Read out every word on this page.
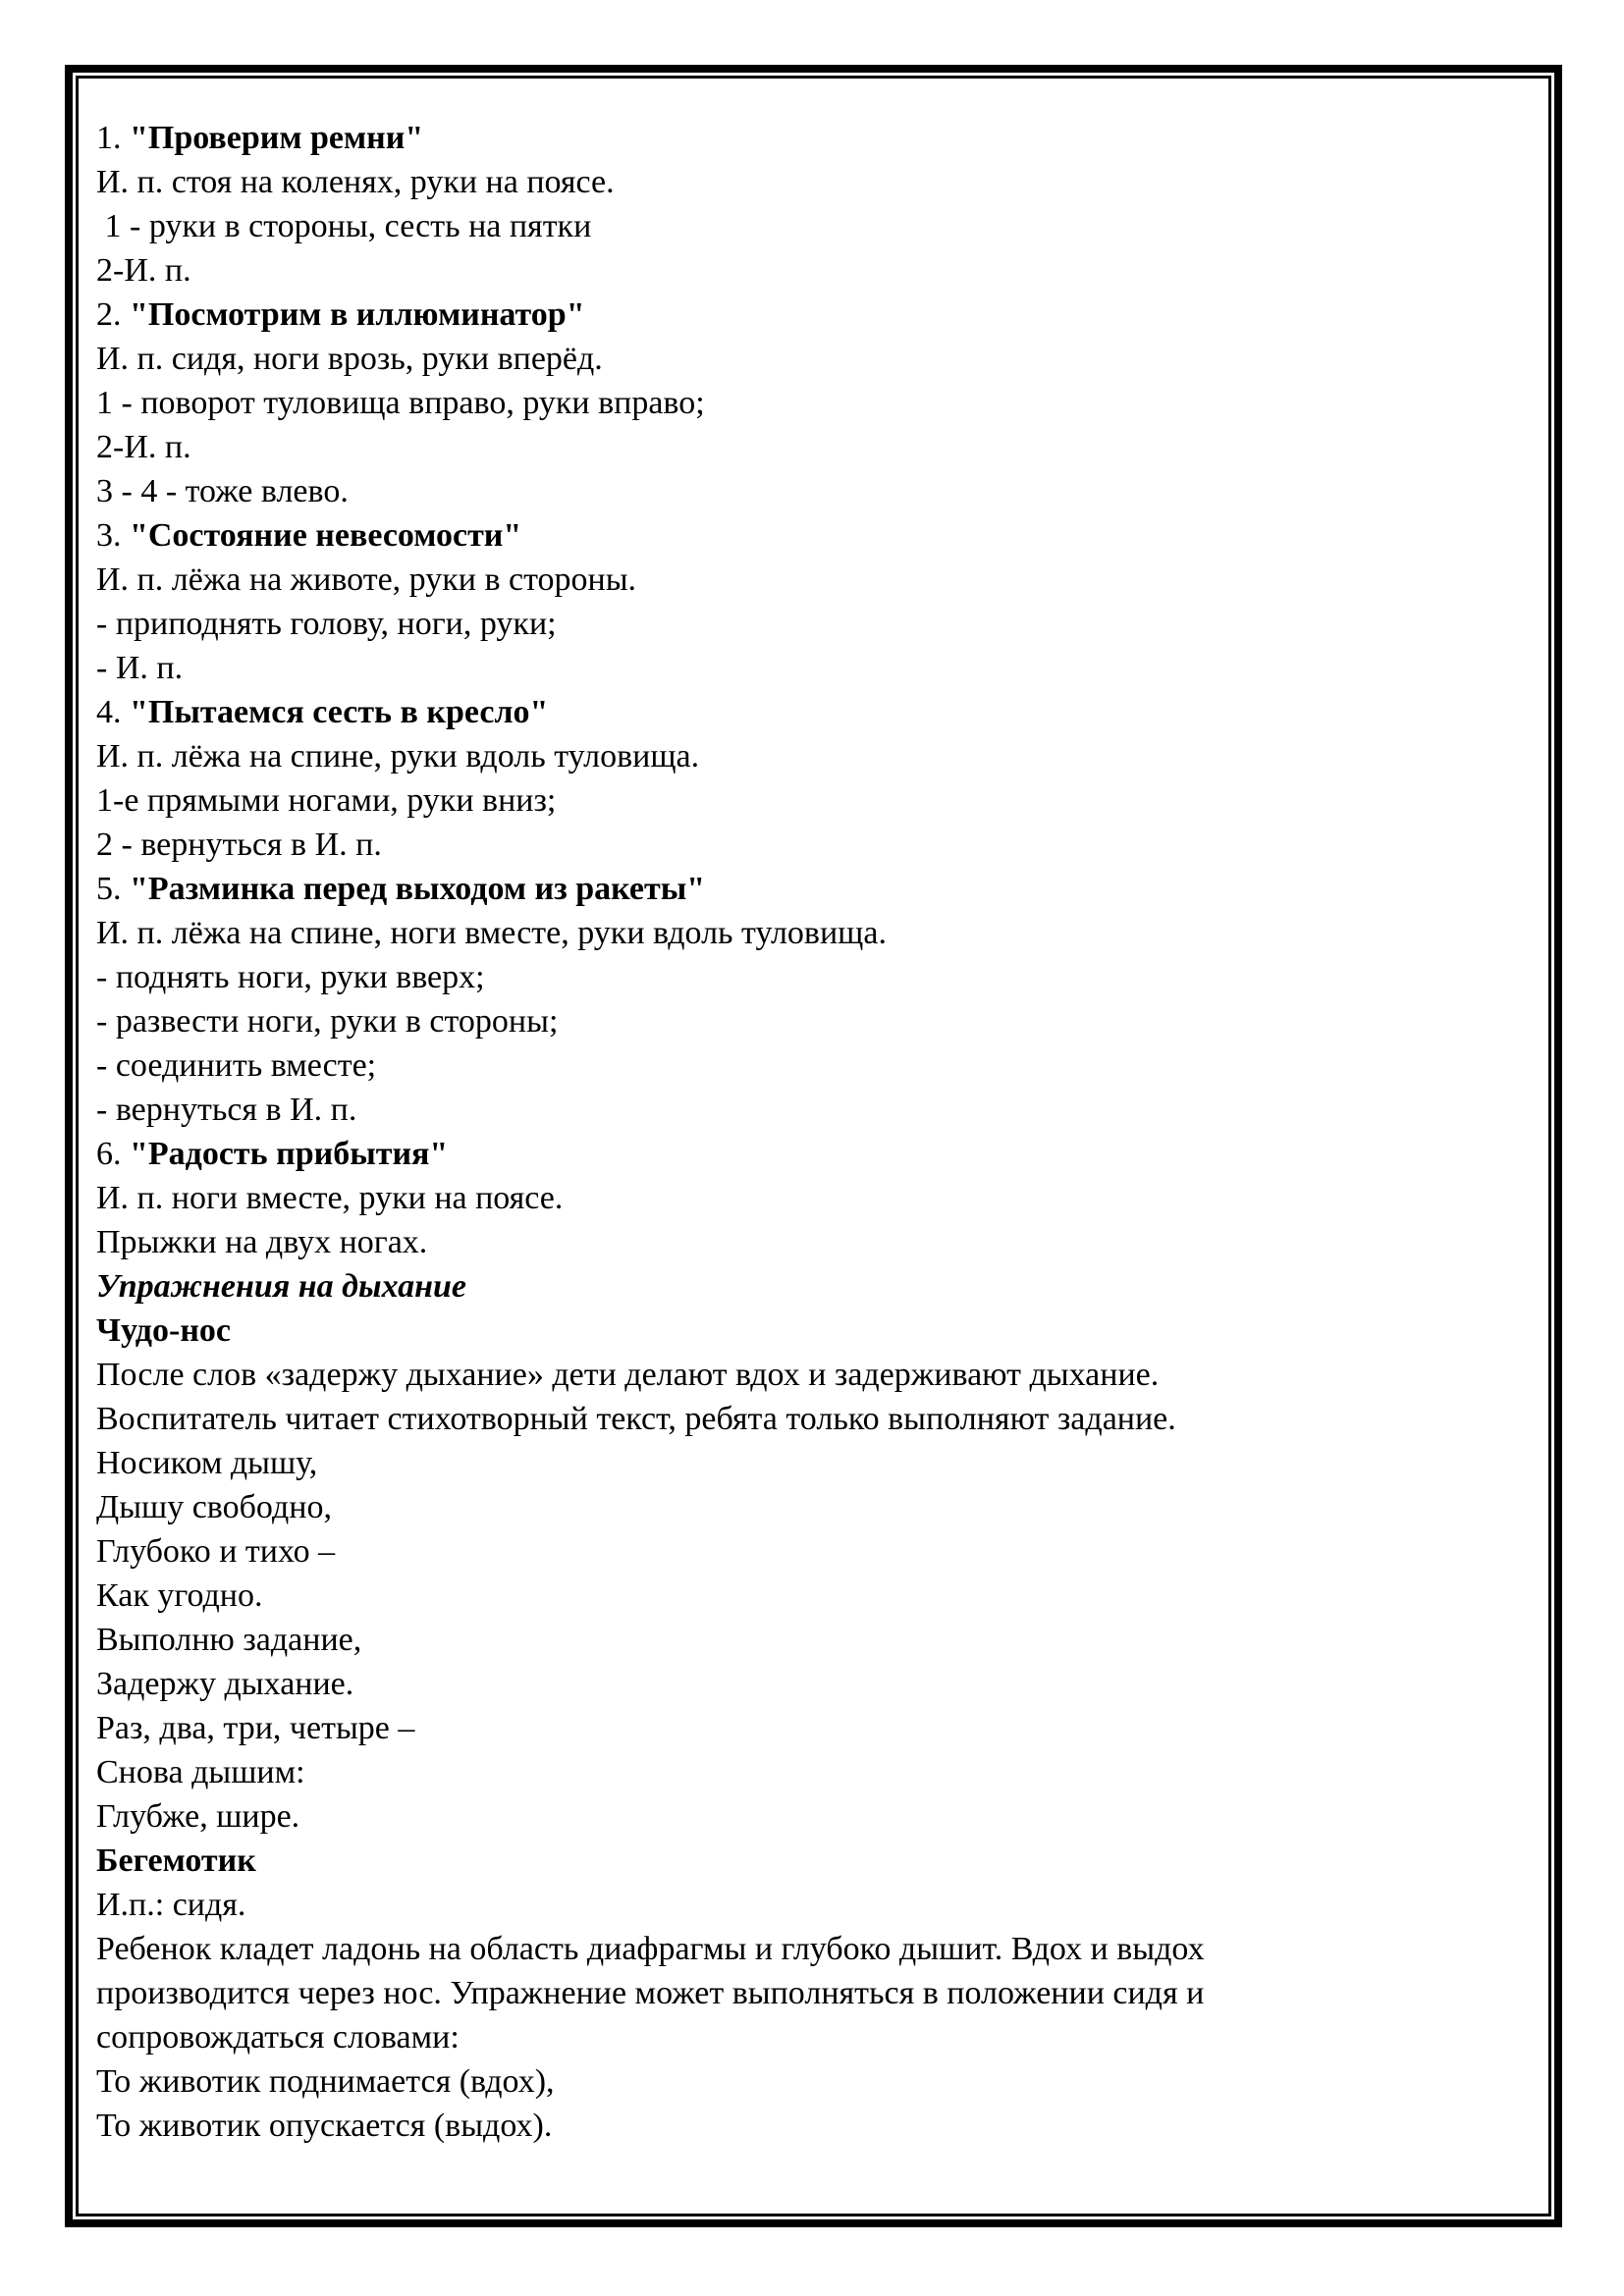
1. "Проверим ремни"
И. п. стоя на коленях, руки на поясе.
1 - руки в стороны, сесть на пятки
2-И. п.
2. "Посмотрим в иллюминатор"
И. п. сидя, ноги врозь, руки вперёд.
1 - поворот туловища вправо, руки вправо;
2-И. п.
3 - 4 - тоже влево.
3. "Состояние невесомости"
И. п. лёжа на животе, руки в стороны.
- приподнять голову, ноги, руки;
- И. п.
4. "Пытаемся сесть в кресло"
И. п. лёжа на спине, руки вдоль туловища.
1-е прямыми ногами, руки вниз;
2 - вернуться в И. п.
5. "Разминка перед выходом из ракеты"
И. п. лёжа на спине, ноги вместе, руки вдоль туловища.
- поднять ноги, руки вверх;
- развести ноги, руки в стороны;
- соединить вместе;
- вернуться в И. п.
6. "Радость прибытия"
И. п. ноги вместе, руки на поясе.
Прыжки на двух ногах.
Упражнения на дыхание
Чудо-нос
После слов «задержу дыхание» дети делают вдох и задерживают дыхание.
Воспитатель читает стихотворный текст, ребята только выполняют задание.
Носиком дышу,
Дышу свободно,
Глубоко и тихо –
Как угодно.
Выполню задание,
Задержу дыхание.
Раз, два, три, четыре –
Снова дышим:
Глубже, шире.
Бегемотик
И.п.: сидя.
Ребенок кладет ладонь на область диафрагмы и глубоко дышит. Вдох и выдох
производится через нос. Упражнение может выполняться в положении сидя и
сопровождаться словами:
То животик поднимается (вдох),
То животик опускается (выдох).
